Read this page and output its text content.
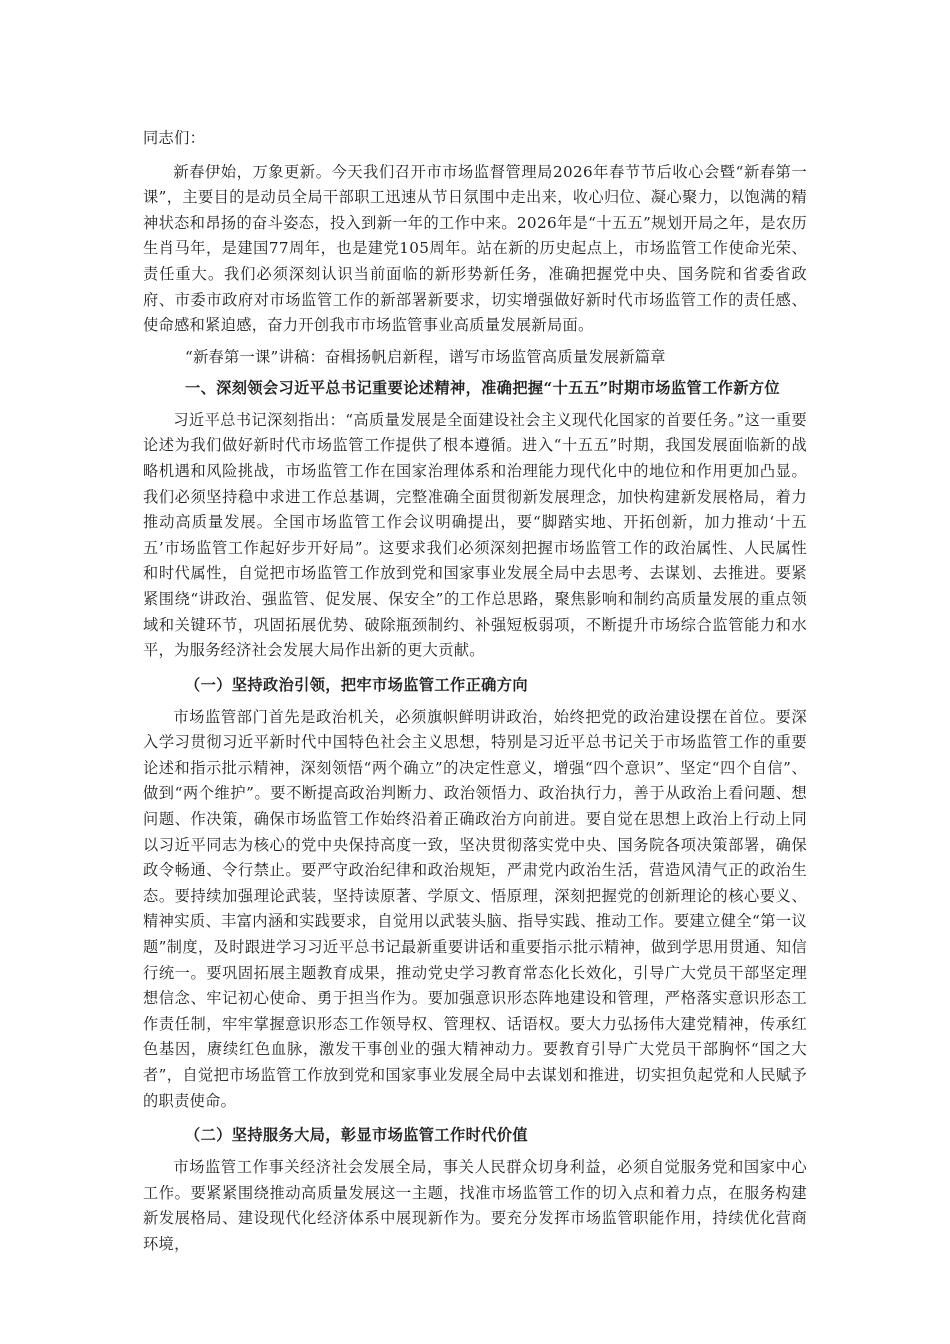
同志们：

新春伊始，万象更新。今天我们召开市市场监督管理局2026年春节节后收心会暨“新春第一课”，主要目的是动员全局干部职工迅速从节日氛围中走出来，收心归位、凝心聚力，以饱满的精神状态和昂扬的奋斗姿态，投入到新一年的工作中来。2026年是“十五五”规划开局之年，是农历生肖马年，是建国77周年，也是建党105周年。站在新的历史起点上，市场监管工作使命光荣、责任重大。我们必须深刻认识当前面临的新形势新任务，准确把握党中央、国务院和省委省政府、市委市政府对市场监管工作的新部署新要求，切实增强做好新时代市场监管工作的责任感、使命感和紧迫感，奋力开创我市市场监管事业高质量发展新局面。

“新春第一课”讲稿：奋楫扬帆启新程，谱写市场监管高质量发展新篇章

一、深刻领会习近平总书记重要论述精神，准确把握“十五五”时期市场监管工作新方位

习近平总书记深刻指出：“高质量发展是全面建设社会主义现代化国家的首要任务。”这一重要论述为我们做好新时代市场监管工作提供了根本遵循。进入“十五五”时期，我国发展面临新的战略机遇和风险挑战，市场监管工作在国家治理体系和治理能力现代化中的地位和作用更加凸显。我们必须坚持稳中求进工作总基调，完整准确全面贯彻新发展理念，加快构建新发展格局，着力推动高质量发展。全国市场监管工作会议明确提出，要“脚踏实地、开拓创新，加力推动‘十五五’市场监管工作起好步开好局”。这要求我们必须深刻把握市场监管工作的政治属性、人民属性和时代属性，自觉把市场监管工作放到党和国家事业发展全局中去思考、去谋划、去推进。要紧紧围绕“讲政治、强监管、促发展、保安全”的工作总思路，聚焦影响和制约高质量发展的重点领域和关键环节，巩固拓展优势、破除瓶颈制约、补强短板弱项，不断提升市场综合监管能力和水平，为服务经济社会发展大局作出新的更大贡献。

（一）坚持政治引领，把牢市场监管工作正确方向

市场监管部门首先是政治机关，必须旗帜鲜明讲政治，始终把党的政治建设摆在首位。要深入学习贯彻习近平新时代中国特色社会主义思想，特别是习近平总书记关于市场监管工作的重要论述和指示批示精神，深刻领悟“两个确立”的决定性意义，增强“四个意识”、坚定“四个自信”、做到“两个维护”。要不断提高政治判断力、政治领悟力、政治执行力，善于从政治上看问题、想问题、作决策，确保市场监管工作始终沿着正确政治方向前进。要自觉在思想上政治上行动上同以习近平同志为核心的党中央保持高度一致，坚决贯彻落实党中央、国务院各项决策部署，确保政令畅通、令行禁止。要严守政治纪律和政治规矩，严肃党内政治生活，营造风清气正的政治生态。要持续加强理论武装，坚持读原著、学原文、悟原理，深刻把握党的创新理论的核心要义、精神实质、丰富内涵和实践要求，自觉用以武装头脑、指导实践、推动工作。要建立健全“第一议题”制度，及时跟进学习习近平总书记最新重要讲话和重要指示批示精神，做到学思用贯通、知信行统一。要巩固拓展主题教育成果，推动党史学习教育常态化长效化，引导广大党员干部坚定理想信念、牢记初心使命、勇于担当作为。要加强意识形态阵地建设和管理，严格落实意识形态工作责任制，牢牢掌握意识形态工作领导权、管理权、话语权。要大力弘扬伟大建党精神，传承红色基因，赓续红色血脉，激发干事创业的强大精神动力。要教育引导广大党员干部胸怀“国之大者”，自觉把市场监管工作放到党和国家事业发展全局中去谋划和推进，切实担负起党和人民赋予的职责使命。

（二）坚持服务大局，彰显市场监管工作时代价值

市场监管工作事关经济社会发展全局，事关人民群众切身利益，必须自觉服务党和国家中心工作。要紧紧围绕推动高质量发展这一主题，找准市场监管工作的切入点和着力点，在服务构建新发展格局、建设现代化经济体系中展现新作为。要充分发挥市场监管职能作用，持续优化营商环境，
